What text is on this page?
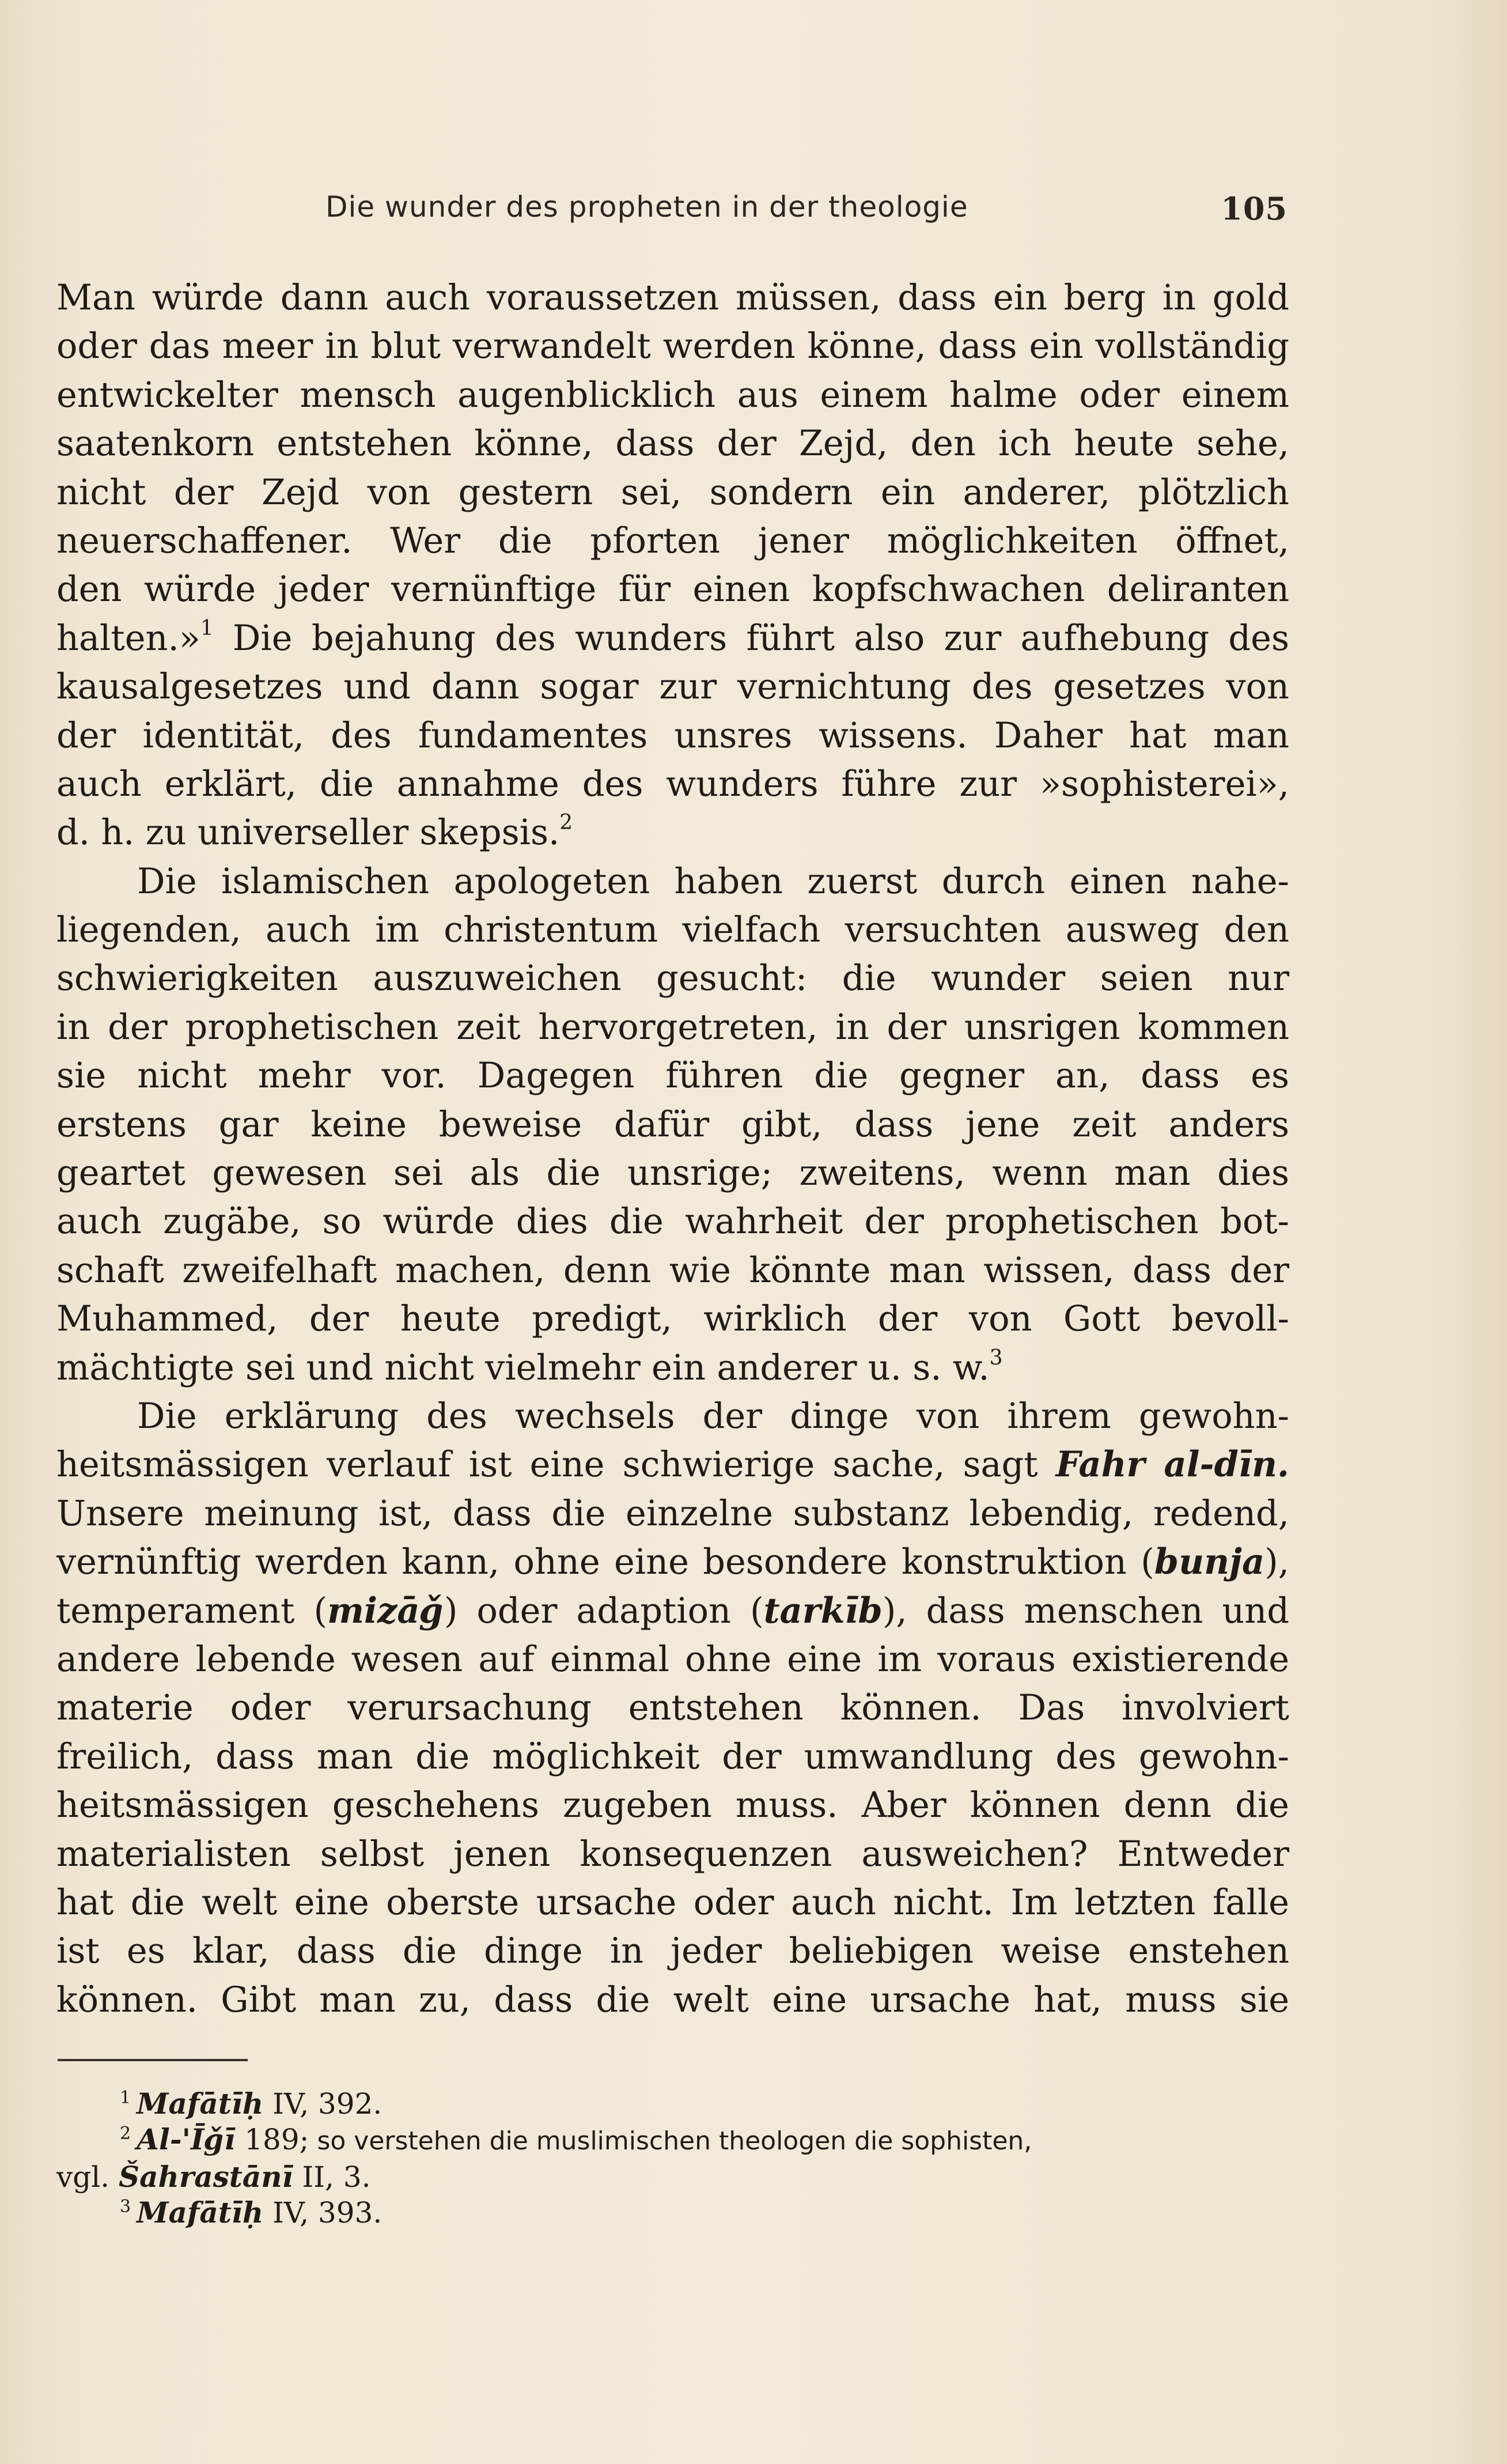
Die wunder des propheten in der theologie	105
Man würde dann auch voraussetzen müssen, dass ein berg in gold
oder das meer in blut verwandelt werden könne, dass ein vollständig
entwickelter mensch augenblicklich aus einem halme oder einem
saatenkorn entstehen könne, dass der Zejd, den ich heute sehe,
nicht der Zejd von gestern sei, sondern ein anderer, plötzlich
neuerschaffener. Wer die pforten jener möglichkeiten öffnet,
den würde jeder vernünftige für einen kopfschwachen deliranten
halten.»$^1$ Die bejahung des wunders führt also zur aufhebung des
kausalgesetzes und dann sogar zur vernichtung des gesetzes von
der identität, des fundamentes unsres wissens. Daher hat man
auch erklärt, die annahme des wunders führe zur »sophisterei»,
d. h. zu universeller skepsis.$^2$
Die islamischen apologeten haben zuerst durch einen nahe-
liegenden, auch im christentum vielfach versuchten ausweg den
schwierigkeiten auszuweichen gesucht: die wunder seien nur
in der prophetischen zeit hervorgetreten, in der unsrigen kommen
sie nicht mehr vor. Dagegen führen die gegner an, dass es
erstens gar keine beweise dafür gibt, dass jene zeit anders
geartet gewesen sei als die unsrige; zweitens, wenn man dies
auch zugäbe, so würde dies die wahrheit der prophetischen bot-
schaft zweifelhaft machen, denn wie könnte man wissen, dass der
Muhammed, der heute predigt, wirklich der von Gott bevoll-
mächtigte sei und nicht vielmehr ein anderer u. s. w.$^3$
Die erklärung des wechsels der dinge von ihrem gewohn-
heitsmässigen verlauf ist eine schwierige sache, sagt Fahr al-dīn.
Unsere meinung ist, dass die einzelne substanz lebendig, redend,
vernünftig werden kann, ohne eine besondere konstruktion (bunja),
temperament (mizāǧ) oder adaption (tarkīb), dass menschen und
andere lebende wesen auf einmal ohne eine im voraus existierende
materie oder verursachung entstehen können. Das involviert
freilich, dass man die möglichkeit der umwandlung des gewohn-
heitsmässigen geschehens zugeben muss. Aber können denn die
materialisten selbst jenen konsequenzen ausweichen? Entweder
hat die welt eine oberste ursache oder auch nicht. Im letzten falle
ist es klar, dass die dinge in jeder beliebigen weise enstehen
können. Gibt man zu, dass die welt eine ursache hat, muss sie
$^1$ Mafātīḥ IV, 392.
$^2$ Al-'Īǧī 189; so verstehen die muslimischen theologen die sophisten,
vgl. Šahrastānī II, 3.
$^3$ Mafātīḥ IV, 393.
